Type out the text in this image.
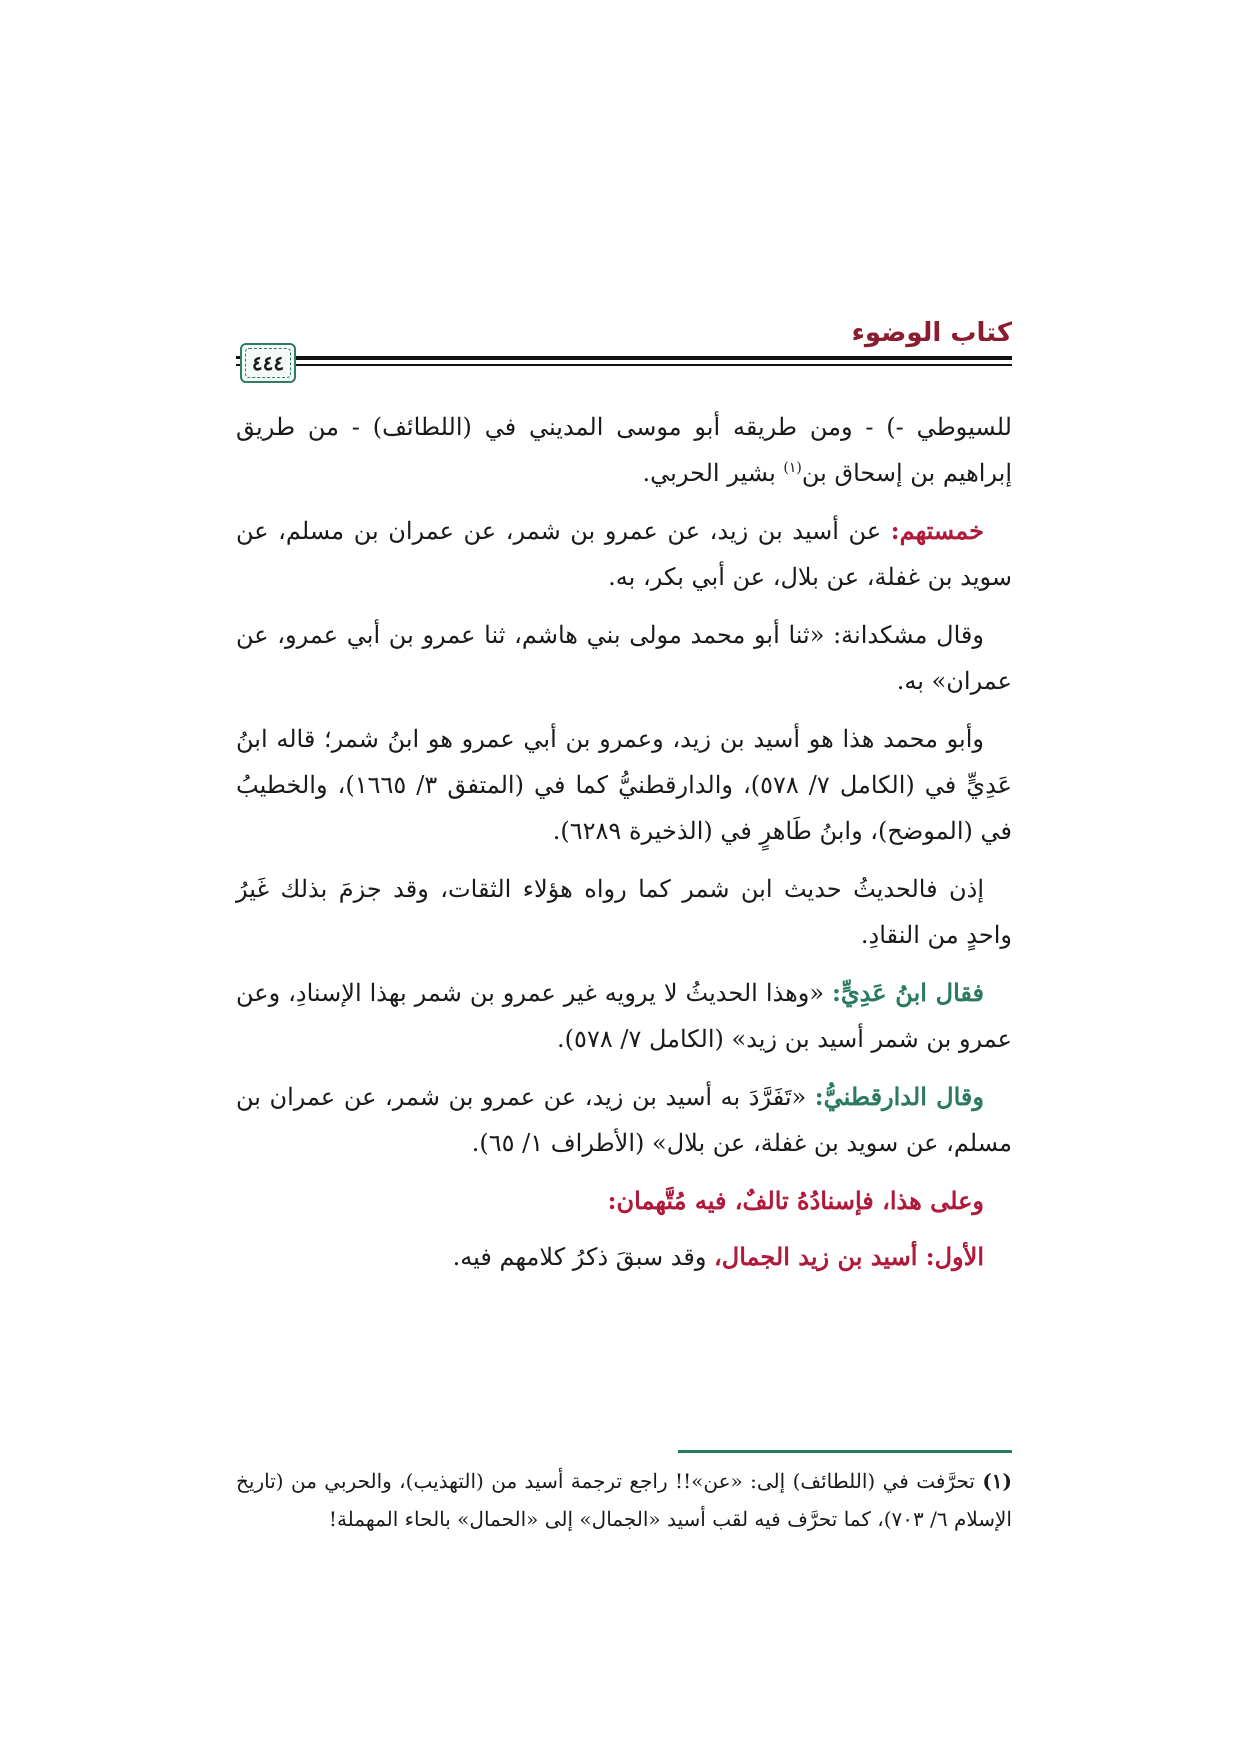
كتاب الوضوء
٤٤٤

للسيوطي -) - ومن طريقه أبو موسى المديني في (اللطائف) - من طريق إبراهيم بن إسحاق بن$^{(١)}$ بشير الحربي.

خمستهم: عن أسيد بن زيد، عن عمرو بن شمر، عن عمران بن مسلم، عن سويد بن غفلة، عن بلال، عن أبي بكر، به.

وقال مشكدانة: «ثنا أبو محمد مولى بني هاشم، ثنا عمرو بن أبي عمرو، عن عمران» به.

وأبو محمد هذا هو أسيد بن زيد، وعمرو بن أبي عمرو هو ابنُ شمر؛ قاله ابنُ عَدِيٍّ في (الكامل ٧/ ٥٧٨)، والدارقطنيُّ كما في (المتفق ٣/ ١٦٦٥)، والخطيبُ في (الموضح)، وابنُ طَاهرٍ في (الذخيرة ٦٢٨٩).

إذن فالحديثُ حديث ابن شمر كما رواه هؤلاء الثقات، وقد جزمَ بذلك غَيرُ واحدٍ من النقادِ.

فقال ابنُ عَدِيٍّ: «وهذا الحديثُ لا يرويه غير عمرو بن شمر بهذا الإسنادِ، وعن عمرو بن شمر أسيد بن زيد» (الكامل ٧/ ٥٧٨).

وقال الدارقطنيُّ: «تَفَرَّدَ به أسيد بن زيد، عن عمرو بن شمر، عن عمران بن مسلم، عن سويد بن غفلة، عن بلال» (الأطراف ١/ ٦٥).

وعلى هذا، فإسنادُهُ تالفٌ، فيه مُتَّهمان:

الأول: أسيد بن زيد الجمال، وقد سبقَ ذكرُ كلامهم فيه.

(١) تحرَّفت في (اللطائف) إلى: «عن»!! راجع ترجمة أسيد من (التهذيب)، والحربي من (تاريخ الإسلام ٦/ ٧٠٣)، كما تحرَّف فيه لقب أسيد «الجمال» إلى «الحمال» بالحاء المهملة!
